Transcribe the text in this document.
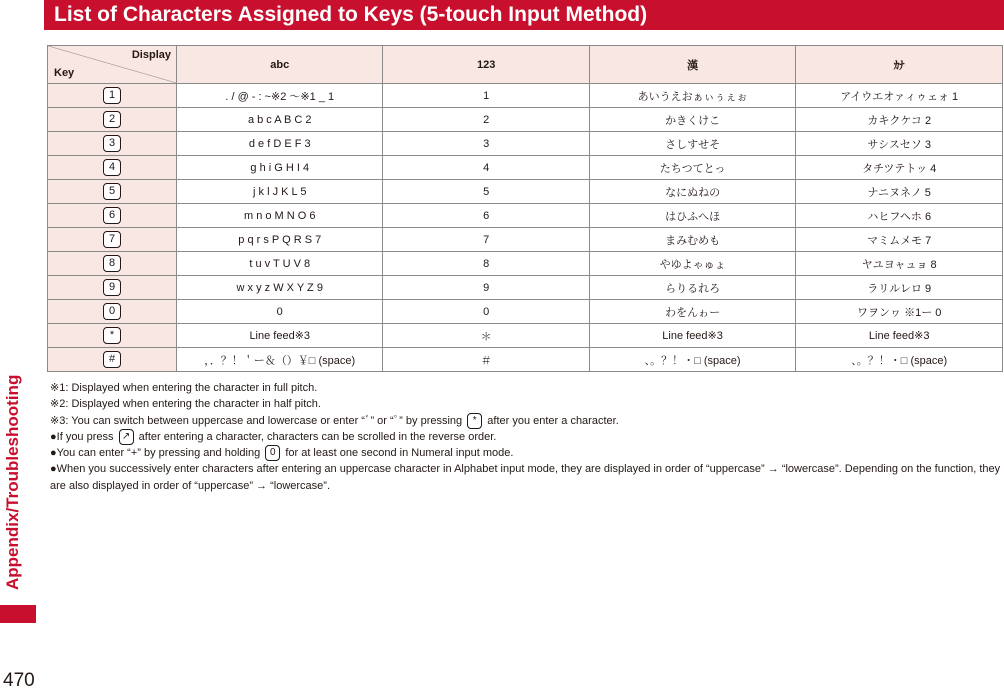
Appendix/Troubleshooting
470
List of Characters Assigned to Keys (5-touch Input Method)
Display
Key	abc	123	漢	ｶﾅ
1	. / @ - : ~※2 ～※1 _ 1	1	あいうえおぁぃぅぇぉ	アイウエオァィゥェォ 1
2	a b c A B C 2	2	かきくけこ	カキクケコ 2
3	d e f D E F 3	3	さしすせそ	サシスセソ 3
4	g h i G H I 4	4	たちつてとっ	タチツテトッ 4
5	j k l J K L 5	5	なにぬねの	ナニヌネノ 5
6	m n o M N O 6	6	はひふへほ	ハヒフヘホ 6
7	p q r s P Q R S 7	7	まみむめも	マミムメモ 7
8	t u v T U V 8	8	やゆよゃゅょ	ヤユヨャュョ 8
9	w x y z W X Y Z 9	9	らりるれろ	ラリルレロ 9
0	0	0	わをんゎー	ワヲンヮ ※1ー 0
*	Line feed※3	＊	Line feed※3	Line feed※3
#	，．？！＇ー＆（）￥□ (space)	＃	、。？！・□ (space)	、。？！・□ (space)
※1: Displayed when entering the character in full pitch.
※2: Displayed when entering the character in half pitch.
※3: You can switch between uppercase and lowercase or enter “ﾞ” or “ﾟ” by pressing * after you enter a character.
●If you press ↗ after entering a character, characters can be scrolled in the reverse order.
●You can enter “+” by pressing and holding 0 for at least one second in Numeral input mode.
●When you successively enter characters after entering an uppercase character in Alphabet input mode, they are displayed in order of “uppercase” → “lowercase”. Depending on the function, they are also displayed in order of “uppercase” → “lowercase”.
